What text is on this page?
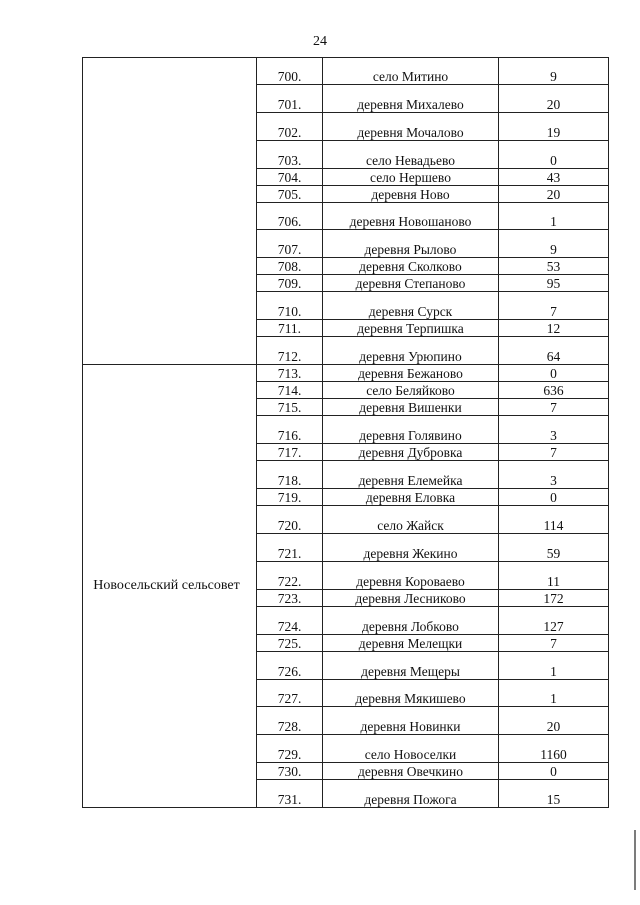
24
	700.	село Митино	9
	701.	деревня Михалево	20
	702.	деревня Мочалово	19
	703.	село Невадьево	0
	704.	село Нершево	43
	705.	деревня Ново	20
	706.	деревня Новошаново	1
	707.	деревня Рылово	9
	708.	деревня Сколково	53
	709.	деревня Степаново	95
	710.	деревня Сурск	7
	711.	деревня Терпишка	12
	712.	деревня Урюпино	64
Новосельский сельсовет	713.	деревня Бежаново	0
	714.	село Беляйково	636
	715.	деревня Вишенки	7
	716.	деревня Голявино	3
	717.	деревня Дубровка	7
	718.	деревня Елемейка	3
	719.	деревня Еловка	0
	720.	село Жайск	114
	721.	деревня Жекино	59
	722.	деревня Короваево	11
	723.	деревня Лесниково	172
	724.	деревня Лобково	127
	725.	деревня Мелещки	7
	726.	деревня Мещеры	1
	727.	деревня Мякишево	1
	728.	деревня Новинки	20
	729.	село Новоселки	1160
	730.	деревня Овечкино	0
	731.	деревня Пожога	15
